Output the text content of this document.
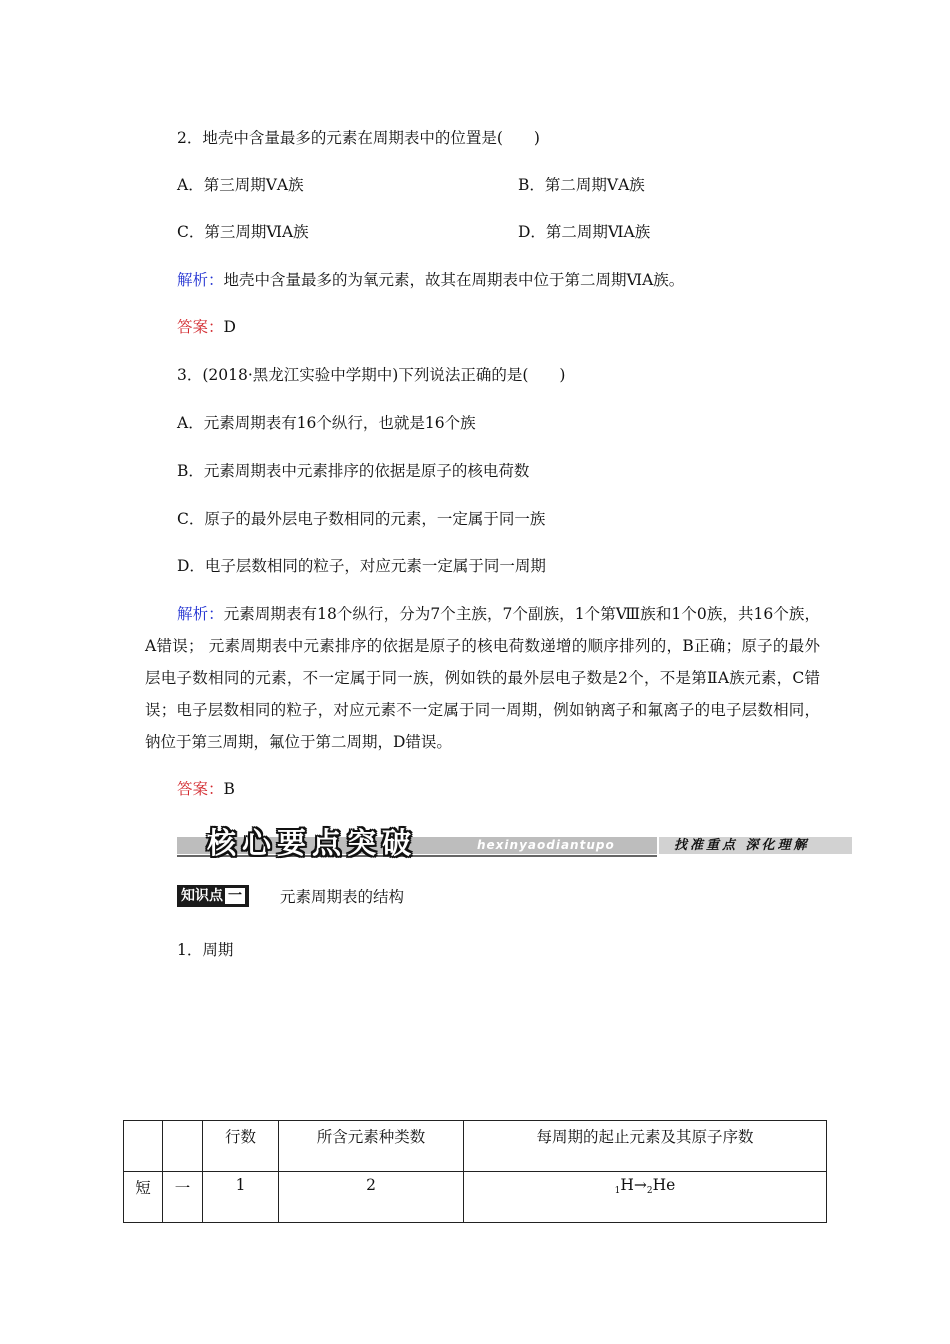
2．地壳中含量最多的元素在周期表中的位置是(　　)
A．第三周期ⅤA族	B．第二周期ⅤA族
C．第三周期ⅥA族	D．第二周期ⅥA族
解析：地壳中含量最多的为氧元素，故其在周期表中位于第二周期ⅥA族。
答案：D
3．(2018·黑龙江实验中学期中)下列说法正确的是(　　)
A．元素周期表有16个纵行，也就是16个族
B．元素周期表中元素排序的依据是原子的核电荷数
C．原子的最外层电子数相同的元素，一定属于同一族
D．电子层数相同的粒子，对应元素一定属于同一周期
解析：元素周期表有18个纵行，分为7个主族，7个副族，1个第Ⅷ族和1个0族，共16个族，A错误； 元素周期表中元素排序的依据是原子的核电荷数递增的顺序排列的，B正确；原子的最外层电子数相同的元素，不一定属于同一族，例如铁的最外层电子数是2个，不是第ⅡA族元素，C错误；电子层数相同的粒子，对应元素不一定属于同一周期，例如钠离子和氟离子的电子层数相同，钠位于第三周期，氟位于第二周期，D错误。
答案：B
核心要点突破	hexinyaodiantupo	找准重点 深化理解
知识点 一	元素周期表的结构
1．周期
		行数	所含元素种类数	每周期的起止元素及其原子序数
短	一	1	2	$_1H\to_2He$
